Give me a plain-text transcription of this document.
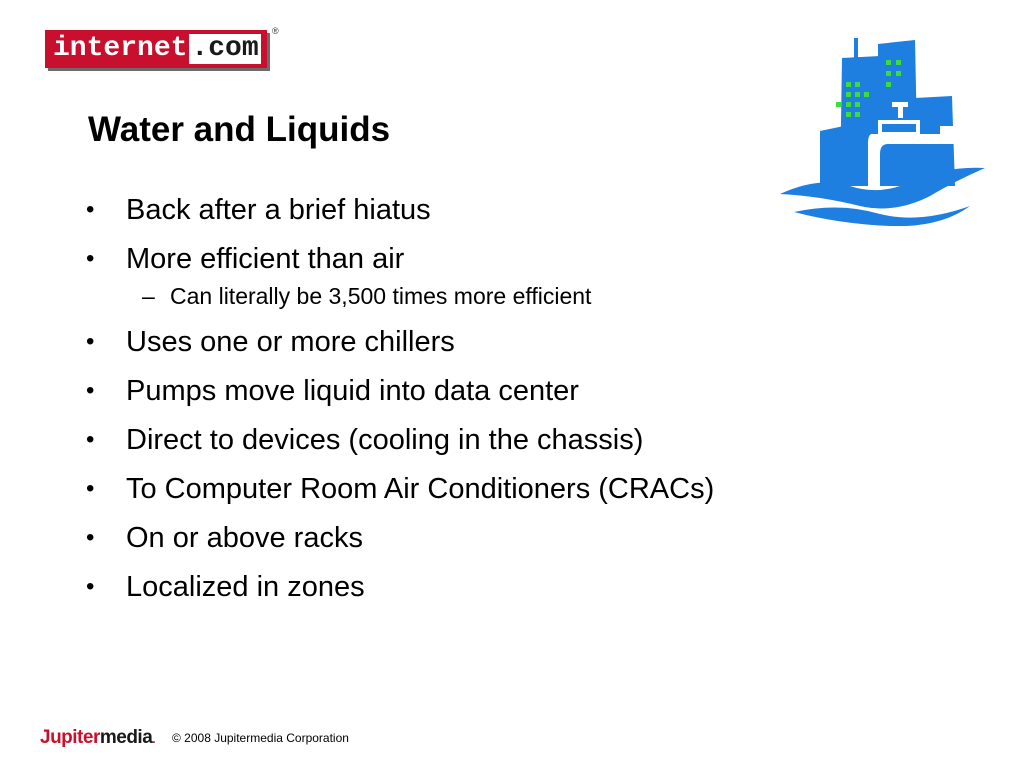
internet .com
®
Water and Liquids
• Back after a brief hiatus
• More efficient than air
– Can literally be 3,500 times more efficient
• Uses one or more chillers
• Pumps move liquid into data center
• Direct to devices (cooling in the chassis)
• To Computer Room Air Conditioners (CRACs)
• On or above racks
• Localized in zones
Jupitermedia. © 2008 Jupitermedia Corporation
